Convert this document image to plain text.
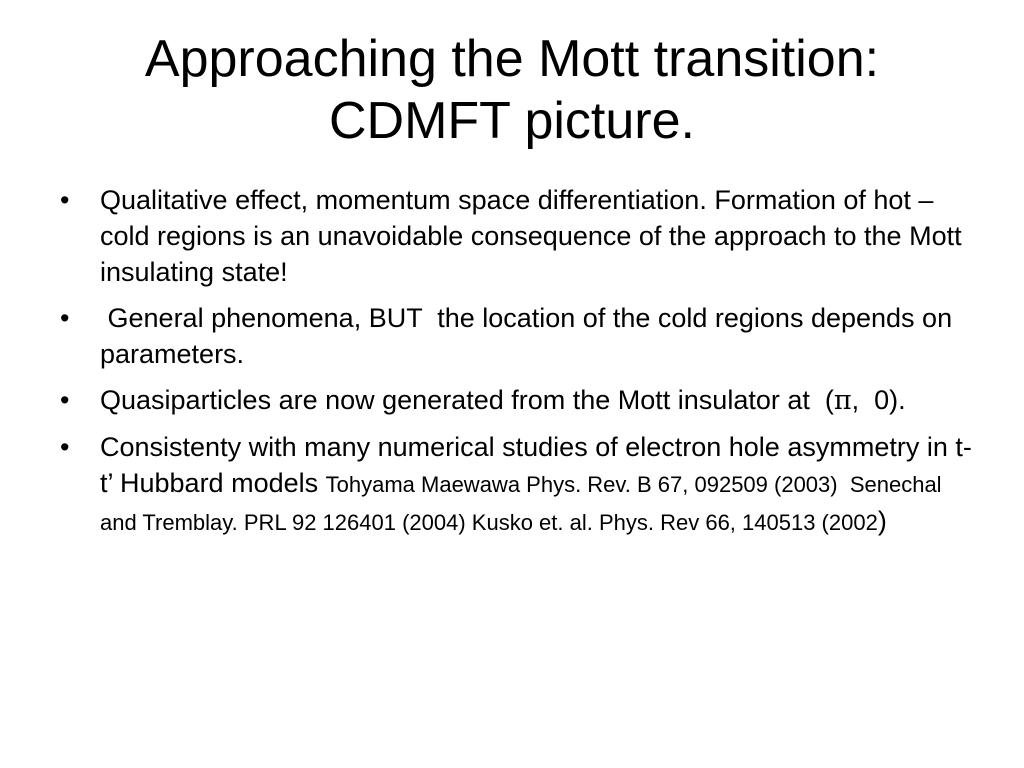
Approaching the Mott transition:
CDMFT picture.
•	Qualitative effect, momentum space differentiation. Formation of hot –cold regions is an unavoidable consequence of the approach to the Mott insulating state!
•	General phenomena, BUT  the location of the cold regions depends on parameters.
•	Quasiparticles are now generated from the Mott insulator at  (π,  0).
•	Consistenty with many numerical studies of electron hole asymmetry in t-t’ Hubbard models Tohyama Maewawa Phys. Rev. B 67, 092509 (2003)  Senechal and Tremblay. PRL 92 126401 (2004) Kusko et. al. Phys. Rev 66, 140513 (2002)
